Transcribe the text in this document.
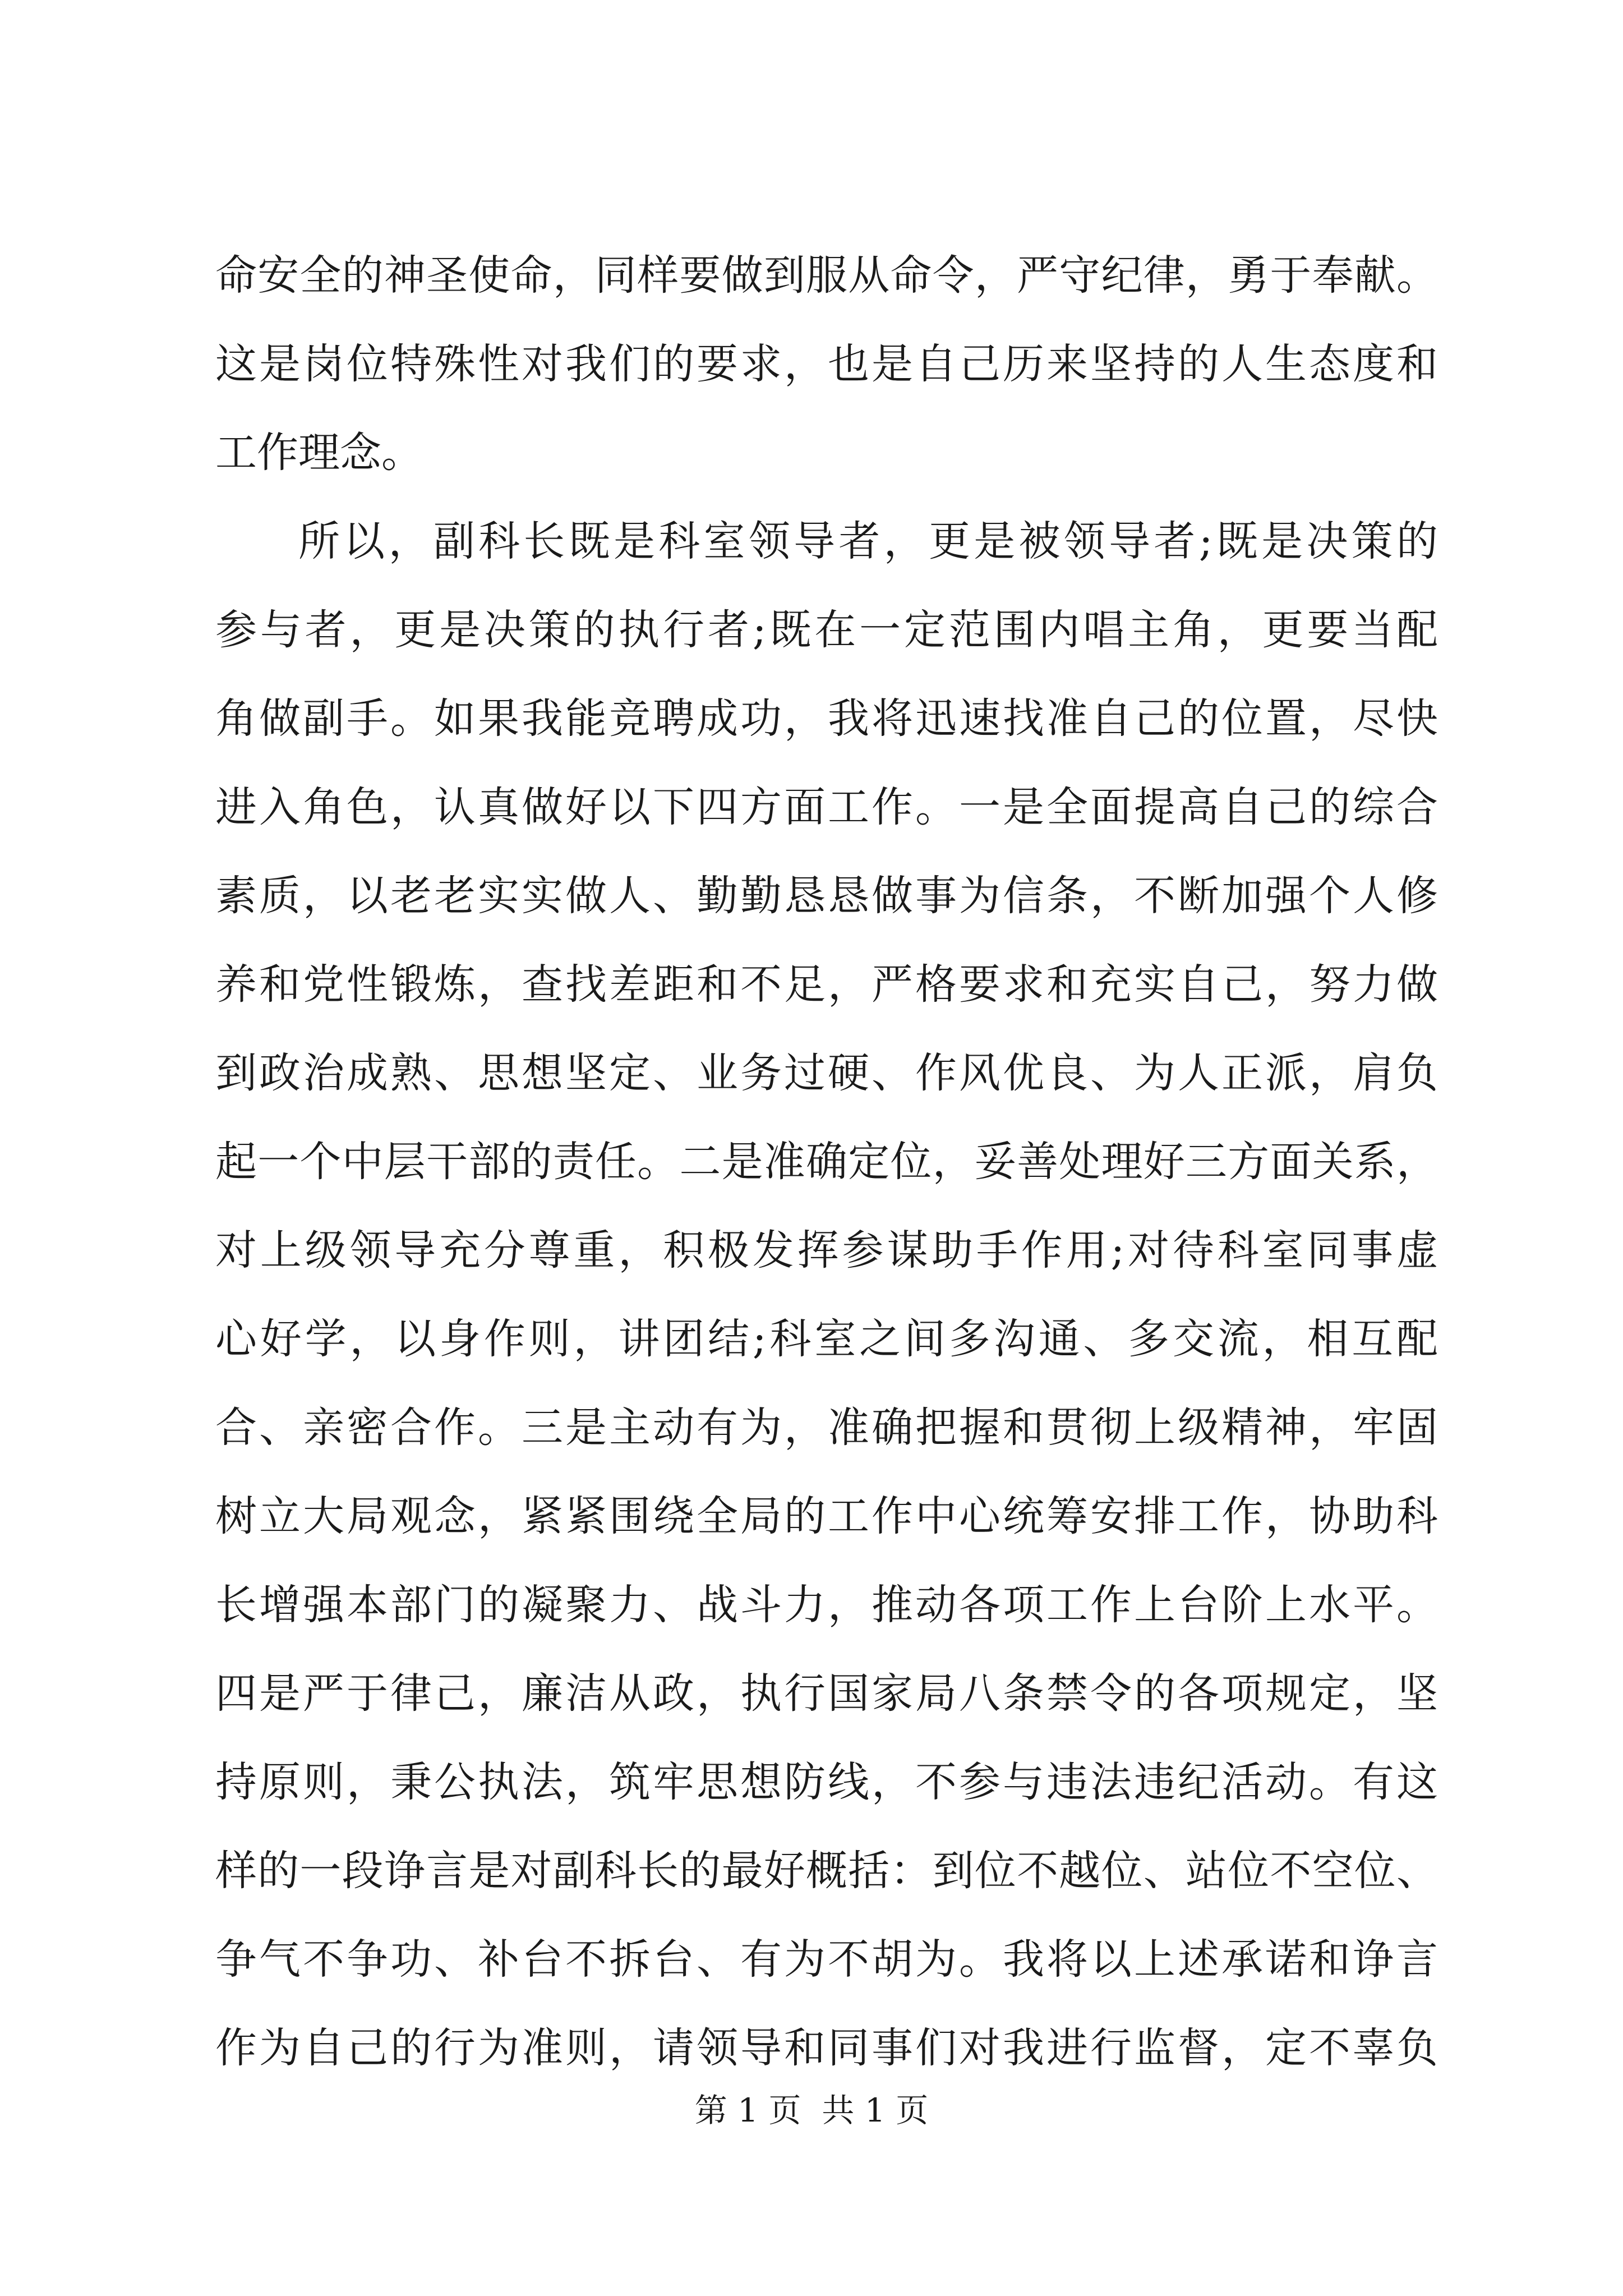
命安全的神圣使命，同样要做到服从命令，严守纪律，勇于奉献。
这是岗位特殊性对我们的要求，也是自己历来坚持的人生态度和
工作理念。
所以，副科长既是科室领导者，更是被领导者;既是决策的
参与者，更是决策的执行者;既在一定范围内唱主角，更要当配
角做副手。如果我能竞聘成功，我将迅速找准自己的位置，尽快
进入角色，认真做好以下四方面工作。一是全面提高自己的综合
素质，以老老实实做人、勤勤恳恳做事为信条，不断加强个人修
养和党性锻炼，查找差距和不足，严格要求和充实自己，努力做
到政治成熟、思想坚定、业务过硬、作风优良、为人正派，肩负
起一个中层干部的责任。二是准确定位，妥善处理好三方面关系，
对上级领导充分尊重，积极发挥参谋助手作用;对待科室同事虚
心好学，以身作则，讲团结;科室之间多沟通、多交流，相互配
合、亲密合作。三是主动有为，准确把握和贯彻上级精神，牢固
树立大局观念，紧紧围绕全局的工作中心统筹安排工作，协助科
长增强本部门的凝聚力、战斗力，推动各项工作上台阶上水平。
四是严于律己，廉洁从政，执行国家局八条禁令的各项规定，坚
持原则，秉公执法，筑牢思想防线，不参与违法违纪活动。有这
样的一段诤言是对副科长的最好概括：到位不越位、站位不空位、
争气不争功、补台不拆台、有为不胡为。我将以上述承诺和诤言
作为自己的行为准则，请领导和同事们对我进行监督，定不辜负
第 1 页  共 1 页
